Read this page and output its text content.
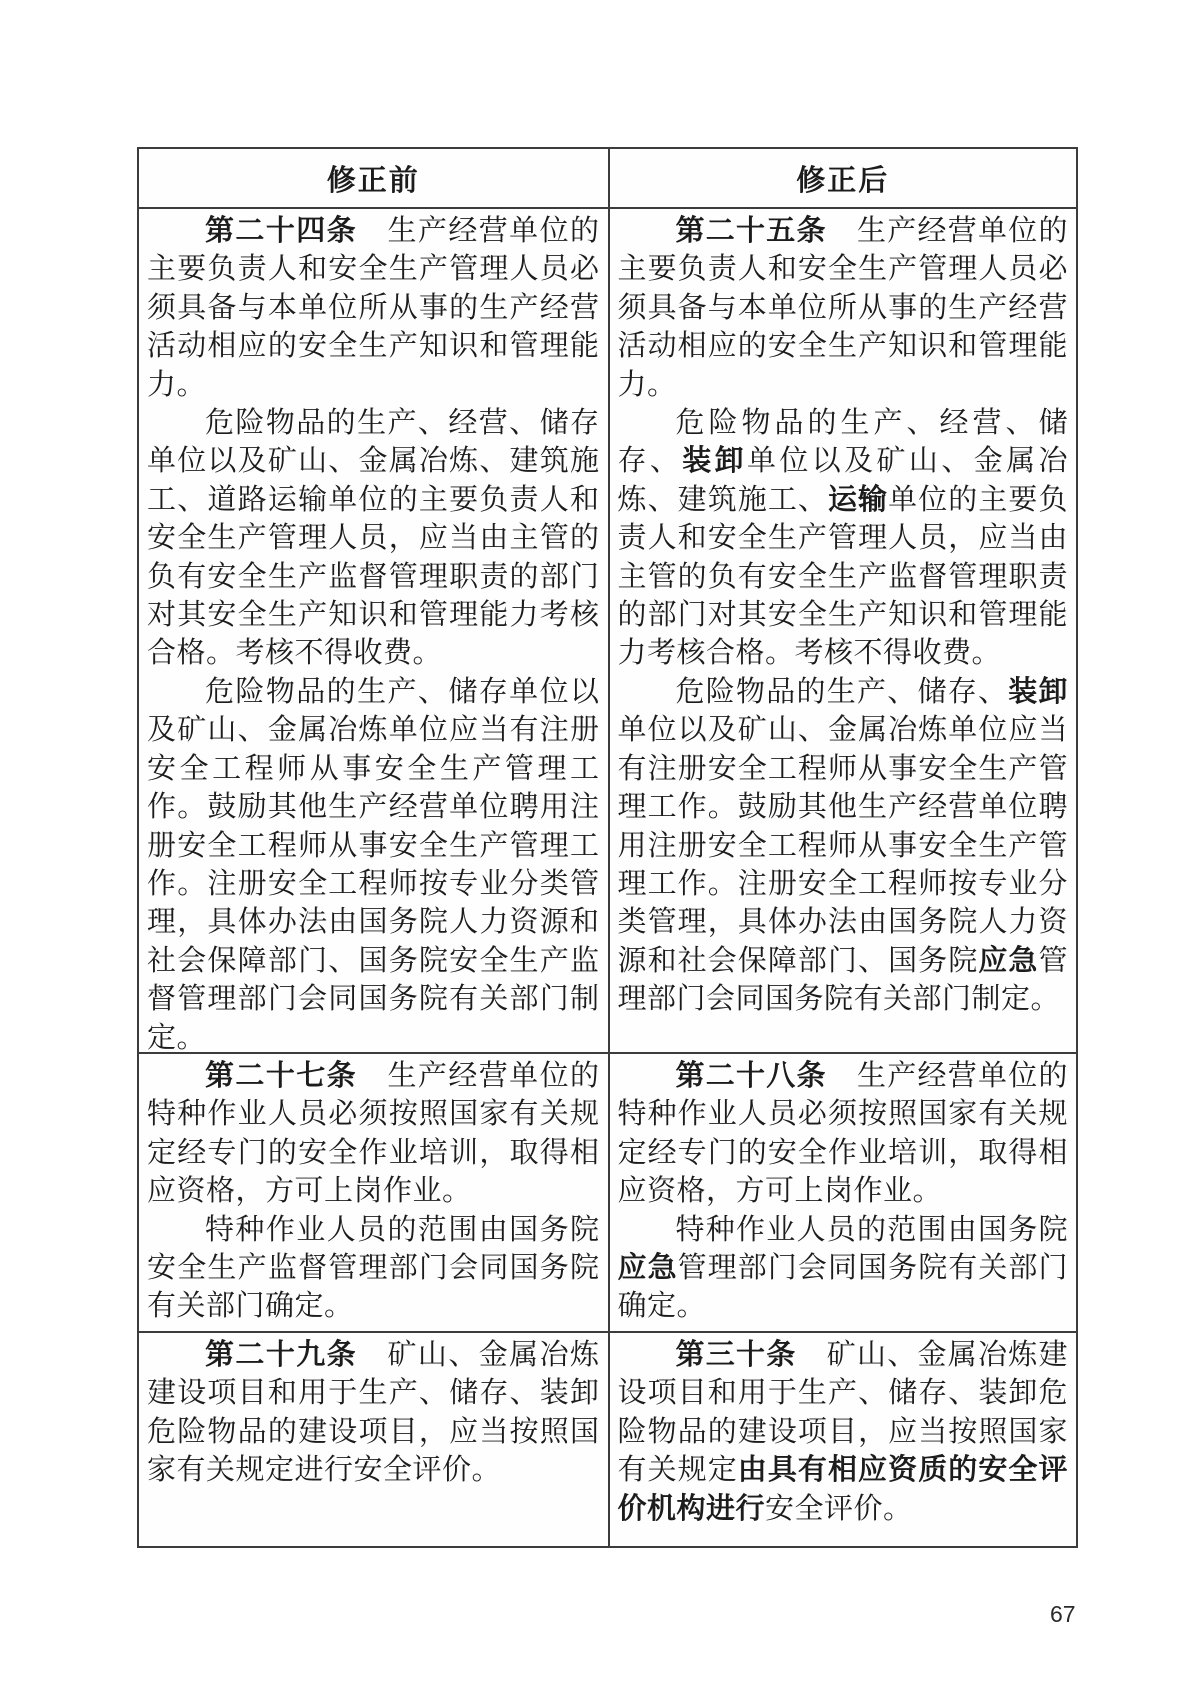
修正前	修正后

第二十四条　生产经营单位的主要负责人和安全生产管理人员必须具备与本单位所从事的生产经营活动相应的安全生产知识和管理能力。

危险物品的生产、经营、储存单位以及矿山、金属冶炼、建筑施工、道路运输单位的主要负责人和安全生产管理人员，应当由主管的负有安全生产监督管理职责的部门对其安全生产知识和管理能力考核合格。考核不得收费。

危险物品的生产、储存单位以及矿山、金属冶炼单位应当有注册安全工程师从事安全生产管理工作。鼓励其他生产经营单位聘用注册安全工程师从事安全生产管理工作。注册安全工程师按专业分类管理，具体办法由国务院人力资源和社会保障部门、国务院安全生产监督管理部门会同国务院有关部门制定。

第二十五条　生产经营单位的主要负责人和安全生产管理人员必须具备与本单位所从事的生产经营活动相应的安全生产知识和管理能力。

危险物品的生产、经营、储存、装卸单位以及矿山、金属冶炼、建筑施工、运输单位的主要负责人和安全生产管理人员，应当由主管的负有安全生产监督管理职责的部门对其安全生产知识和管理能力考核合格。考核不得收费。

危险物品的生产、储存、装卸单位以及矿山、金属冶炼单位应当有注册安全工程师从事安全生产管理工作。鼓励其他生产经营单位聘用注册安全工程师从事安全生产管理工作。注册安全工程师按专业分类管理，具体办法由国务院人力资源和社会保障部门、国务院应急管理部门会同国务院有关部门制定。

第二十七条　生产经营单位的特种作业人员必须按照国家有关规定经专门的安全作业培训，取得相应资格，方可上岗作业。

特种作业人员的范围由国务院安全生产监督管理部门会同国务院有关部门确定。

第二十八条　生产经营单位的特种作业人员必须按照国家有关规定经专门的安全作业培训，取得相应资格，方可上岗作业。

特种作业人员的范围由国务院应急管理部门会同国务院有关部门确定。

第二十九条　矿山、金属冶炼建设项目和用于生产、储存、装卸危险物品的建设项目，应当按照国家有关规定进行安全评价。

第三十条　矿山、金属冶炼建设项目和用于生产、储存、装卸危险物品的建设项目，应当按照国家有关规定由具有相应资质的安全评价机构进行安全评价。

67
